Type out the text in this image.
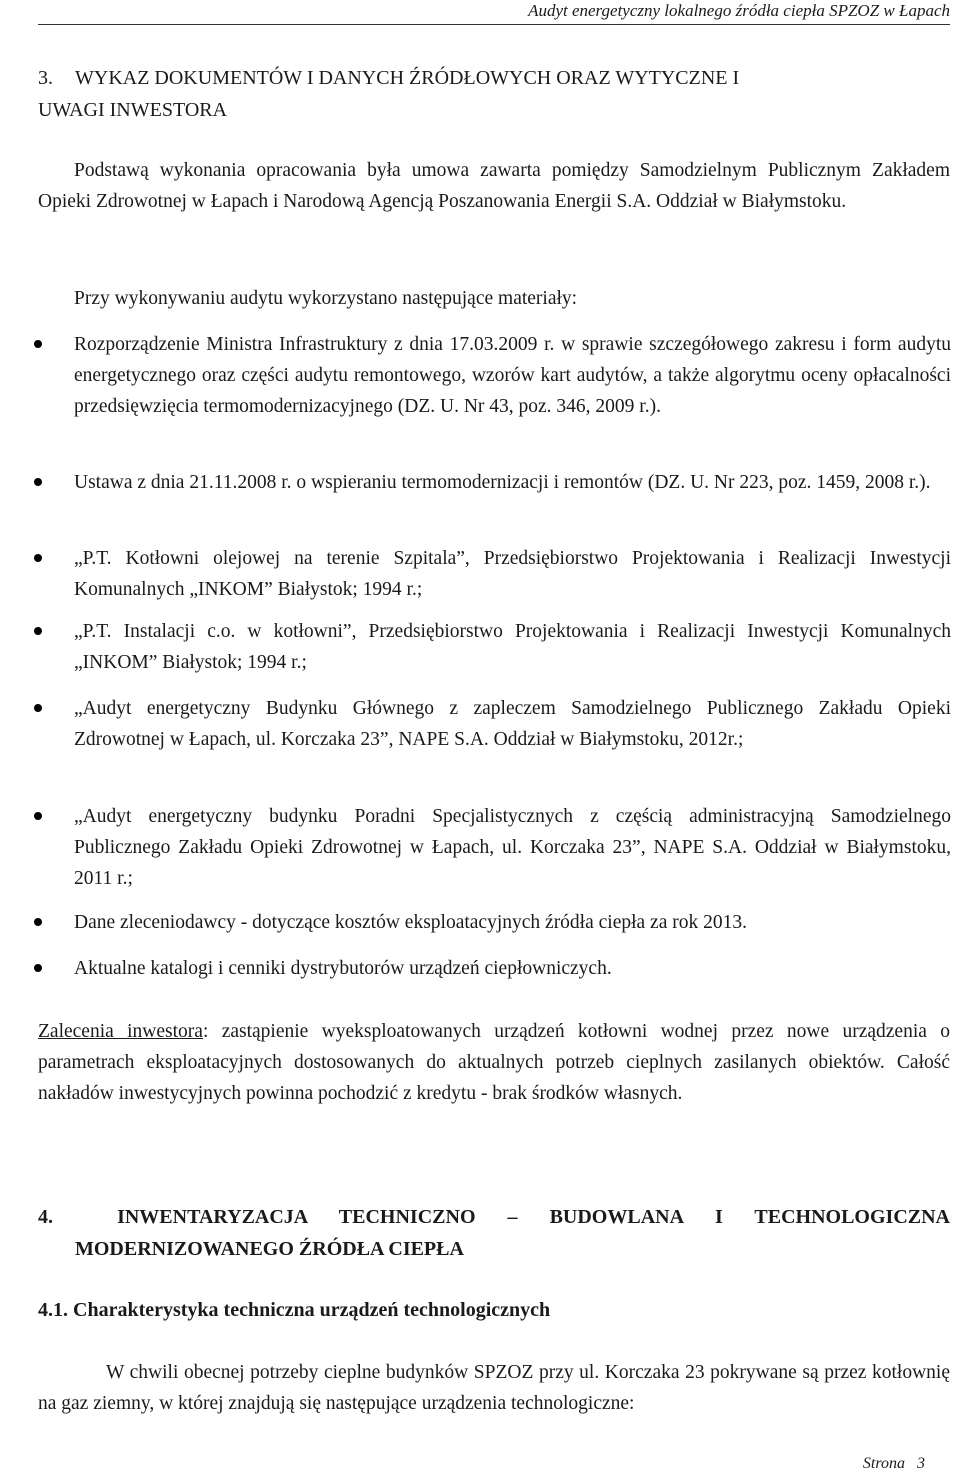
Audyt energetyczny lokalnego źródła ciepła SPZOZ w Łapach
3. WYKAZ DOKUMENTÓW I DANYCH ŹRÓDŁOWYCH ORAZ WYTYCZNE I
UWAGI INWESTORA

Podstawą wykonania opracowania była umowa zawarta pomiędzy Samodzielnym Publicznym Zakładem Opieki Zdrowotnej w Łapach i Narodową Agencją Poszanowania Energii S.A. Oddział w Białymstoku.

Przy wykonywaniu audytu wykorzystano następujące materiały:

Rozporządzenie Ministra Infrastruktury z dnia 17.03.2009 r. w sprawie szczegółowego zakresu i form audytu energetycznego oraz części audytu remontowego, wzorów kart audytów, a także algorytmu oceny opłacalności przedsięwzięcia termomodernizacyjnego (DZ. U. Nr 43, poz. 346, 2009 r.).
Ustawa z dnia 21.11.2008 r. o wspieraniu termomodernizacji i remontów (DZ. U. Nr 223, poz. 1459, 2008 r.).
„P.T. Kotłowni olejowej na terenie Szpitala”, Przedsiębiorstwo Projektowania i Realizacji Inwestycji Komunalnych „INKOM” Białystok; 1994 r.;
„P.T. Instalacji c.o. w kotłowni”, Przedsiębiorstwo Projektowania i Realizacji Inwestycji Komunalnych „INKOM” Białystok; 1994 r.;
„Audyt energetyczny Budynku Głównego z zapleczem Samodzielnego Publicznego Zakładu Opieki Zdrowotnej w Łapach, ul. Korczaka 23”, NAPE S.A. Oddział w Białymstoku, 2012r.;
„Audyt energetyczny budynku Poradni Specjalistycznych z częścią administracyjną Samodzielnego Publicznego Zakładu Opieki Zdrowotnej w Łapach, ul. Korczaka 23”, NAPE S.A. Oddział w Białymstoku, 2011 r.;
Dane zleceniodawcy - dotyczące kosztów eksploatacyjnych źródła ciepła za rok 2013.
Aktualne katalogi i cenniki dystrybutorów urządzeń ciepłowniczych.

Zalecenia inwestora: zastąpienie wyeksploatowanych urządzeń kotłowni wodnej przez nowe urządzenia o parametrach eksploatacyjnych dostosowanych do aktualnych potrzeb cieplnych zasilanych obiektów. Całość nakładów inwestycyjnych powinna pochodzić z kredytu - brak środków własnych.

4.	INWENTARYZACJA TECHNICZNO – BUDOWLANA I TECHNOLOGICZNA
MODERNIZOWANEGO ŹRÓDŁA CIEPŁA
4.1. Charakterystyka techniczna urządzeń technologicznych

W chwili obecnej potrzeby cieplne budynków SPZOZ przy ul. Korczaka 23 pokrywane są przez kotłownię na gaz ziemny, w której znajdują się następujące urządzenia technologiczne:

Strona 3
